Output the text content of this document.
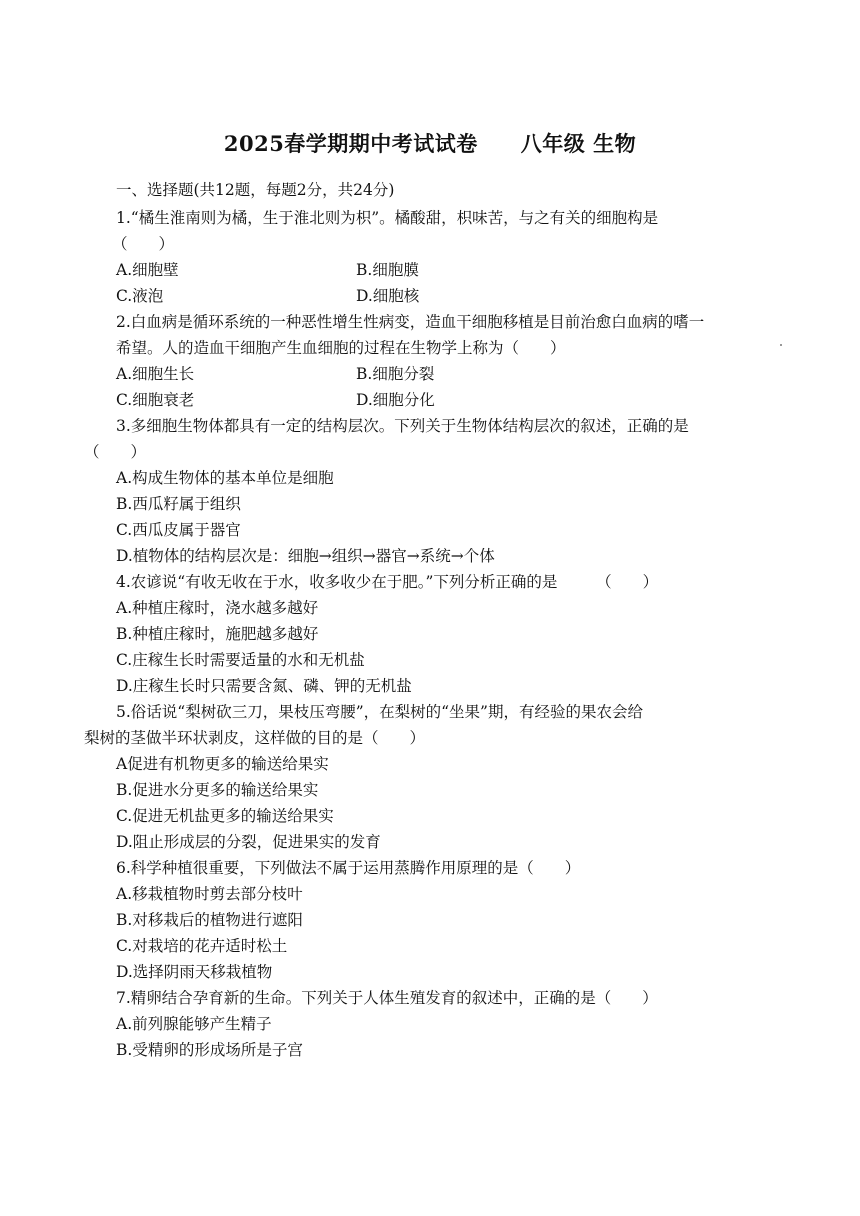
2025春学期期中考试试卷　　八年级 生物
一、选择题(共12题，每题2分，共24分)
1.“橘生淮南则为橘，生于淮北则为枳”。橘酸甜，枳味苦，与之有关的细胞构是
（　　）
A.细胞壁	B.细胞膜
C.液泡	D.细胞核
2.白血病是循环系统的一种恶性增生性病变，造血干细胞移植是目前治愈白血病的嗜一
希望。人的造血干细胞产生血细胞的过程在生物学上称为（　　）
A.细胞生长	B.细胞分裂
C.细胞衰老	D.细胞分化
3.多细胞生物体都具有一定的结构层次。下列关于生物体结构层次的叙述，正确的是
（　　）
A.构成生物体的基本单位是细胞
B.西瓜籽属于组织
C.西瓜皮属于器官
D.植物体的结构层次是：细胞→组织→器官→系统→个体
4.农谚说“有收无收在于水，收多收少在于肥。”下列分析正确的是　　　（　　）
A.种植庄稼时，浇水越多越好
B.种植庄稼时，施肥越多越好
C.庄稼生长时需要适量的水和无机盐
D.庄稼生长时只需要含氮、磷、钾的无机盐
5.俗话说“梨树砍三刀，果枝压弯腰”，在梨树的“坐果”期，有经验的果农会给
梨树的茎做半环状剥皮，这样做的目的是（　　）
A促进有机物更多的输送给果实
B.促进水分更多的输送给果实
C.促进无机盐更多的输送给果实
D.阻止形成层的分裂，促进果实的发育
6.科学种植很重要，下列做法不属于运用蒸腾作用原理的是（　　）
A.移栽植物时剪去部分枝叶
B.对移栽后的植物进行遮阳
C.对栽培的花卉适时松土
D.选择阴雨天移栽植物
7.精卵结合孕育新的生命。下列关于人体生殖发育的叙述中，正确的是（　　）
A.前列腺能够产生精子
B.受精卵的形成场所是子宫
